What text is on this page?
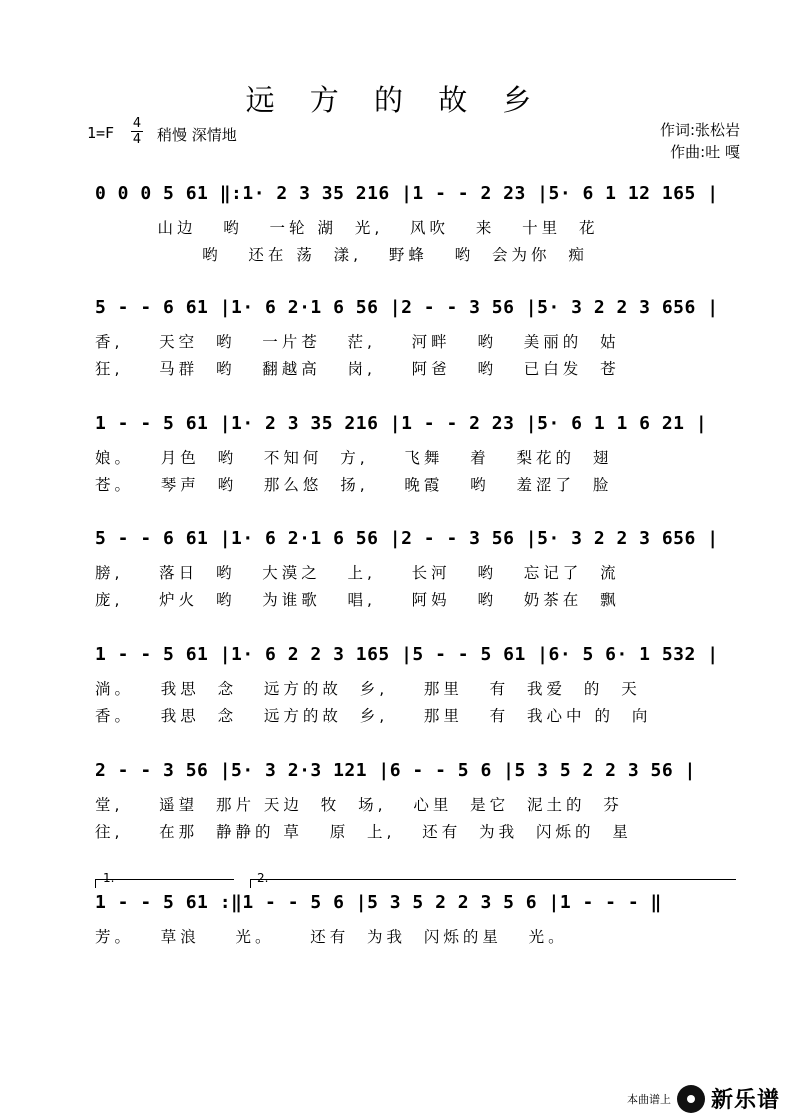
远 方 的 故 乡
1=F
4
4 稍慢 深情地	作词:张松岩
作曲:吐 嘎
0 0 0 5 61 ‖:1· 2 3 35 216 |1 - - 2 23 |5· 6 1 12 165 |
山边   哟   一轮 湖  光,   风吹   来   十里  花
哟   还在 荡  漾,   野蜂   哟  会为你  痴
5 - - 6 61 |1· 6 2·1 6 56 |2 - - 3 56 |5· 3 2 2 3 656 |
香,    天空  哟   一片苍   茫,    河畔   哟   美丽的  姑
狂,    马群  哟   翻越高   岗,    阿爸   哟   已白发  苍
1 - - 5 61 |1· 2 3 35 216 |1 - - 2 23 |5· 6 1 1 6 21 |
娘。   月色  哟   不知何  方,    飞舞   着   梨花的  翅
苍。   琴声  哟   那么悠  扬,    晚霞   哟   羞涩了  脸
5 - - 6 61 |1· 6 2·1 6 56 |2 - - 3 56 |5· 3 2 2 3 656 |
膀,    落日  哟   大漠之   上,    长河   哟   忘记了  流
庞,    炉火  哟   为谁歌   唱,    阿妈   哟   奶茶在  飘
1 - - 5 61 |1· 6 2 2 3 165 |5 - - 5 61 |6· 5 6· 1 532 |
淌。   我思  念   远方的故  乡,    那里   有  我爱  的  天
香。   我思  念   远方的故  乡,    那里   有  我心中 的  向
2 - - 3 56 |5· 3 2·3 121 |6 - - 5 6 |5 3 5 2 2 3 56 |
堂,    遥望  那片 天边  牧  场,   心里  是它  泥土的  芬
往,    在那  静静的 草   原  上,   还有  为我  闪烁的  星
1.	2.
1 - - 5 61 :‖1 - - 5 6 |5 3 5 2 2 3 5 6 |1 - - - ‖
芳。   草浪    光。    还有  为我  闪烁的星   光。
本曲谱上 新乐谱
